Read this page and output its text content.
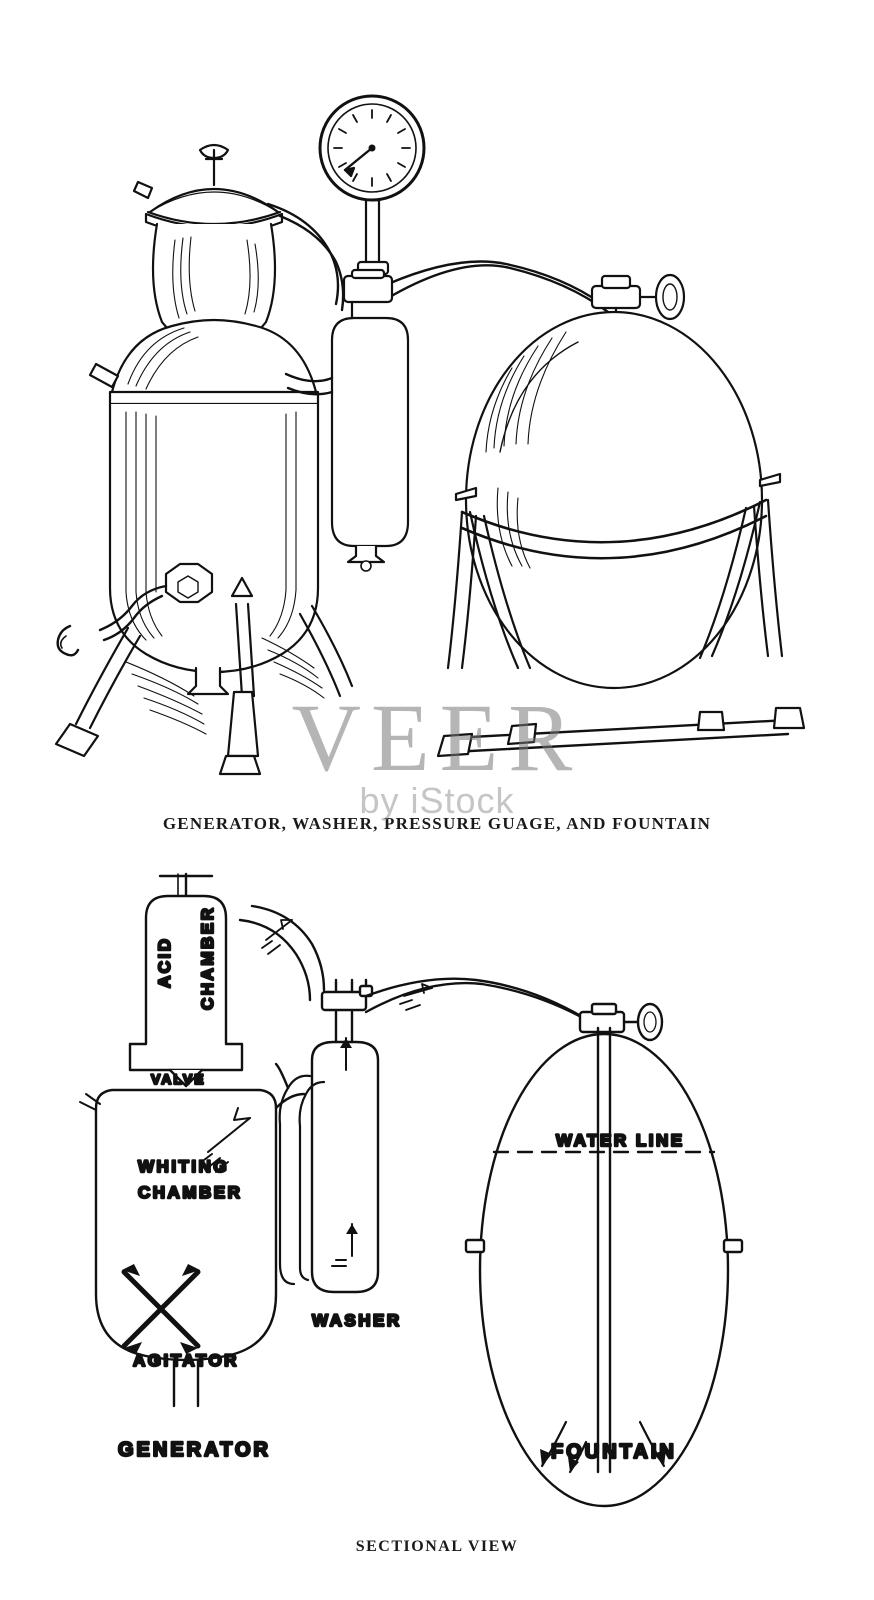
GENERATOR, WASHER, PRESSURE GUAGE, AND FOUNTAIN
VEER
by iStock
ACID CHAMBER
VALVE
WHITING
CHAMBER
AGITATOR
GENERATOR
WASHER
WATER LINE
FOUNTAIN
SECTIONAL VIEW
